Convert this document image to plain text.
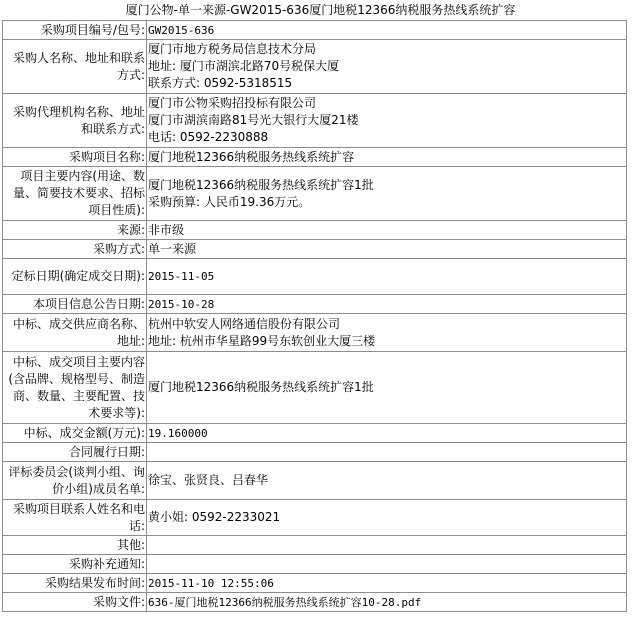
厦门公物-单一来源-GW2015-636厦门地税12366纳税服务热线系统扩容
采购项目编号/包号:	GW2015-636

采购人名称、地址和联系方式:	厦门市地方税务局信息技术分局
地址: 厦门市湖滨北路70号税保大厦
联系方式: 0592-5318515

采购代理机构名称、地址和联系方式:	厦门市公物采购招投标有限公司
厦门市湖滨南路81号光大银行大厦21楼
电话: 0592-2230888

采购项目名称:	厦门地税12366纳税服务热线系统扩容

项目主要内容(用途、数量、简要技术要求、招标项目性质):	厦门地税12366纳税服务热线系统扩容1批
采购预算: 人民币19.36万元。

来源:	非市级

采购方式:	单一来源

定标日期(确定成交日期):	2015-11-05

本项目信息公告日期:	2015-10-28

中标、成交供应商名称、地址:	杭州中软安人网络通信股份有限公司
地址: 杭州市华星路99号东软创业大厦三楼

中标、成交项目主要内容(含品牌、规格型号、制造商、数量、主要配置、技术要求等):	厦门地税12366纳税服务热线系统扩容1批

中标、成交金额(万元):	19.160000

合同履行日期:	

评标委员会(谈判小组、询价小组)成员名单:	徐宝、张贤良、吕春华

采购项目联系人姓名和电话:	黄小姐: 0592-2233021

其他:	

采购补充通知:	

采购结果发布时间:	2015-11-10 12:55:06

采购文件:	636-厦门地税12366纳税服务热线系统扩容10-28.pdf
